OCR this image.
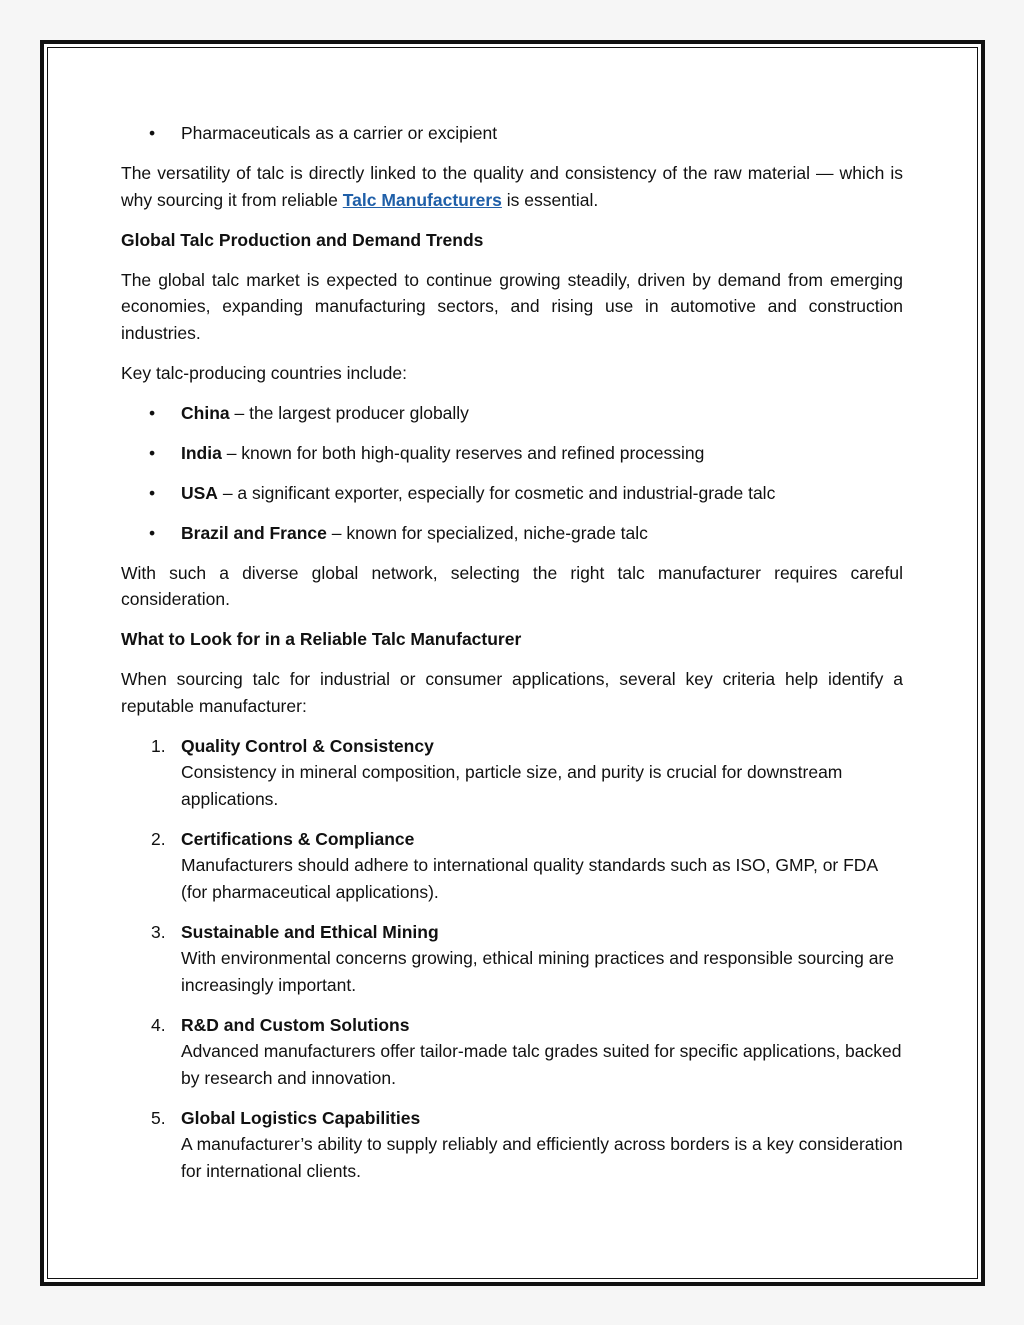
• Pharmaceuticals as a carrier or excipient

The versatility of talc is directly linked to the quality and consistency of the raw material — which is why sourcing it from reliable Talc Manufacturers is essential.

Global Talc Production and Demand Trends

The global talc market is expected to continue growing steadily, driven by demand from emerging economies, expanding manufacturing sectors, and rising use in automotive and construction industries.

Key talc-producing countries include:

• China – the largest producer globally
• India – known for both high-quality reserves and refined processing
• USA – a significant exporter, especially for cosmetic and industrial-grade talc
• Brazil and France – known for specialized, niche-grade talc

With such a diverse global network, selecting the right talc manufacturer requires careful consideration.

What to Look for in a Reliable Talc Manufacturer

When sourcing talc for industrial or consumer applications, several key criteria help identify a reputable manufacturer:

1. Quality Control & Consistency
Consistency in mineral composition, particle size, and purity is crucial for downstream applications.
2. Certifications & Compliance
Manufacturers should adhere to international quality standards such as ISO, GMP, or FDA (for pharmaceutical applications).
3. Sustainable and Ethical Mining
With environmental concerns growing, ethical mining practices and responsible sourcing are increasingly important.
4. R&D and Custom Solutions
Advanced manufacturers offer tailor-made talc grades suited for specific applications, backed by research and innovation.
5. Global Logistics Capabilities
A manufacturer’s ability to supply reliably and efficiently across borders is a key consideration for international clients.
